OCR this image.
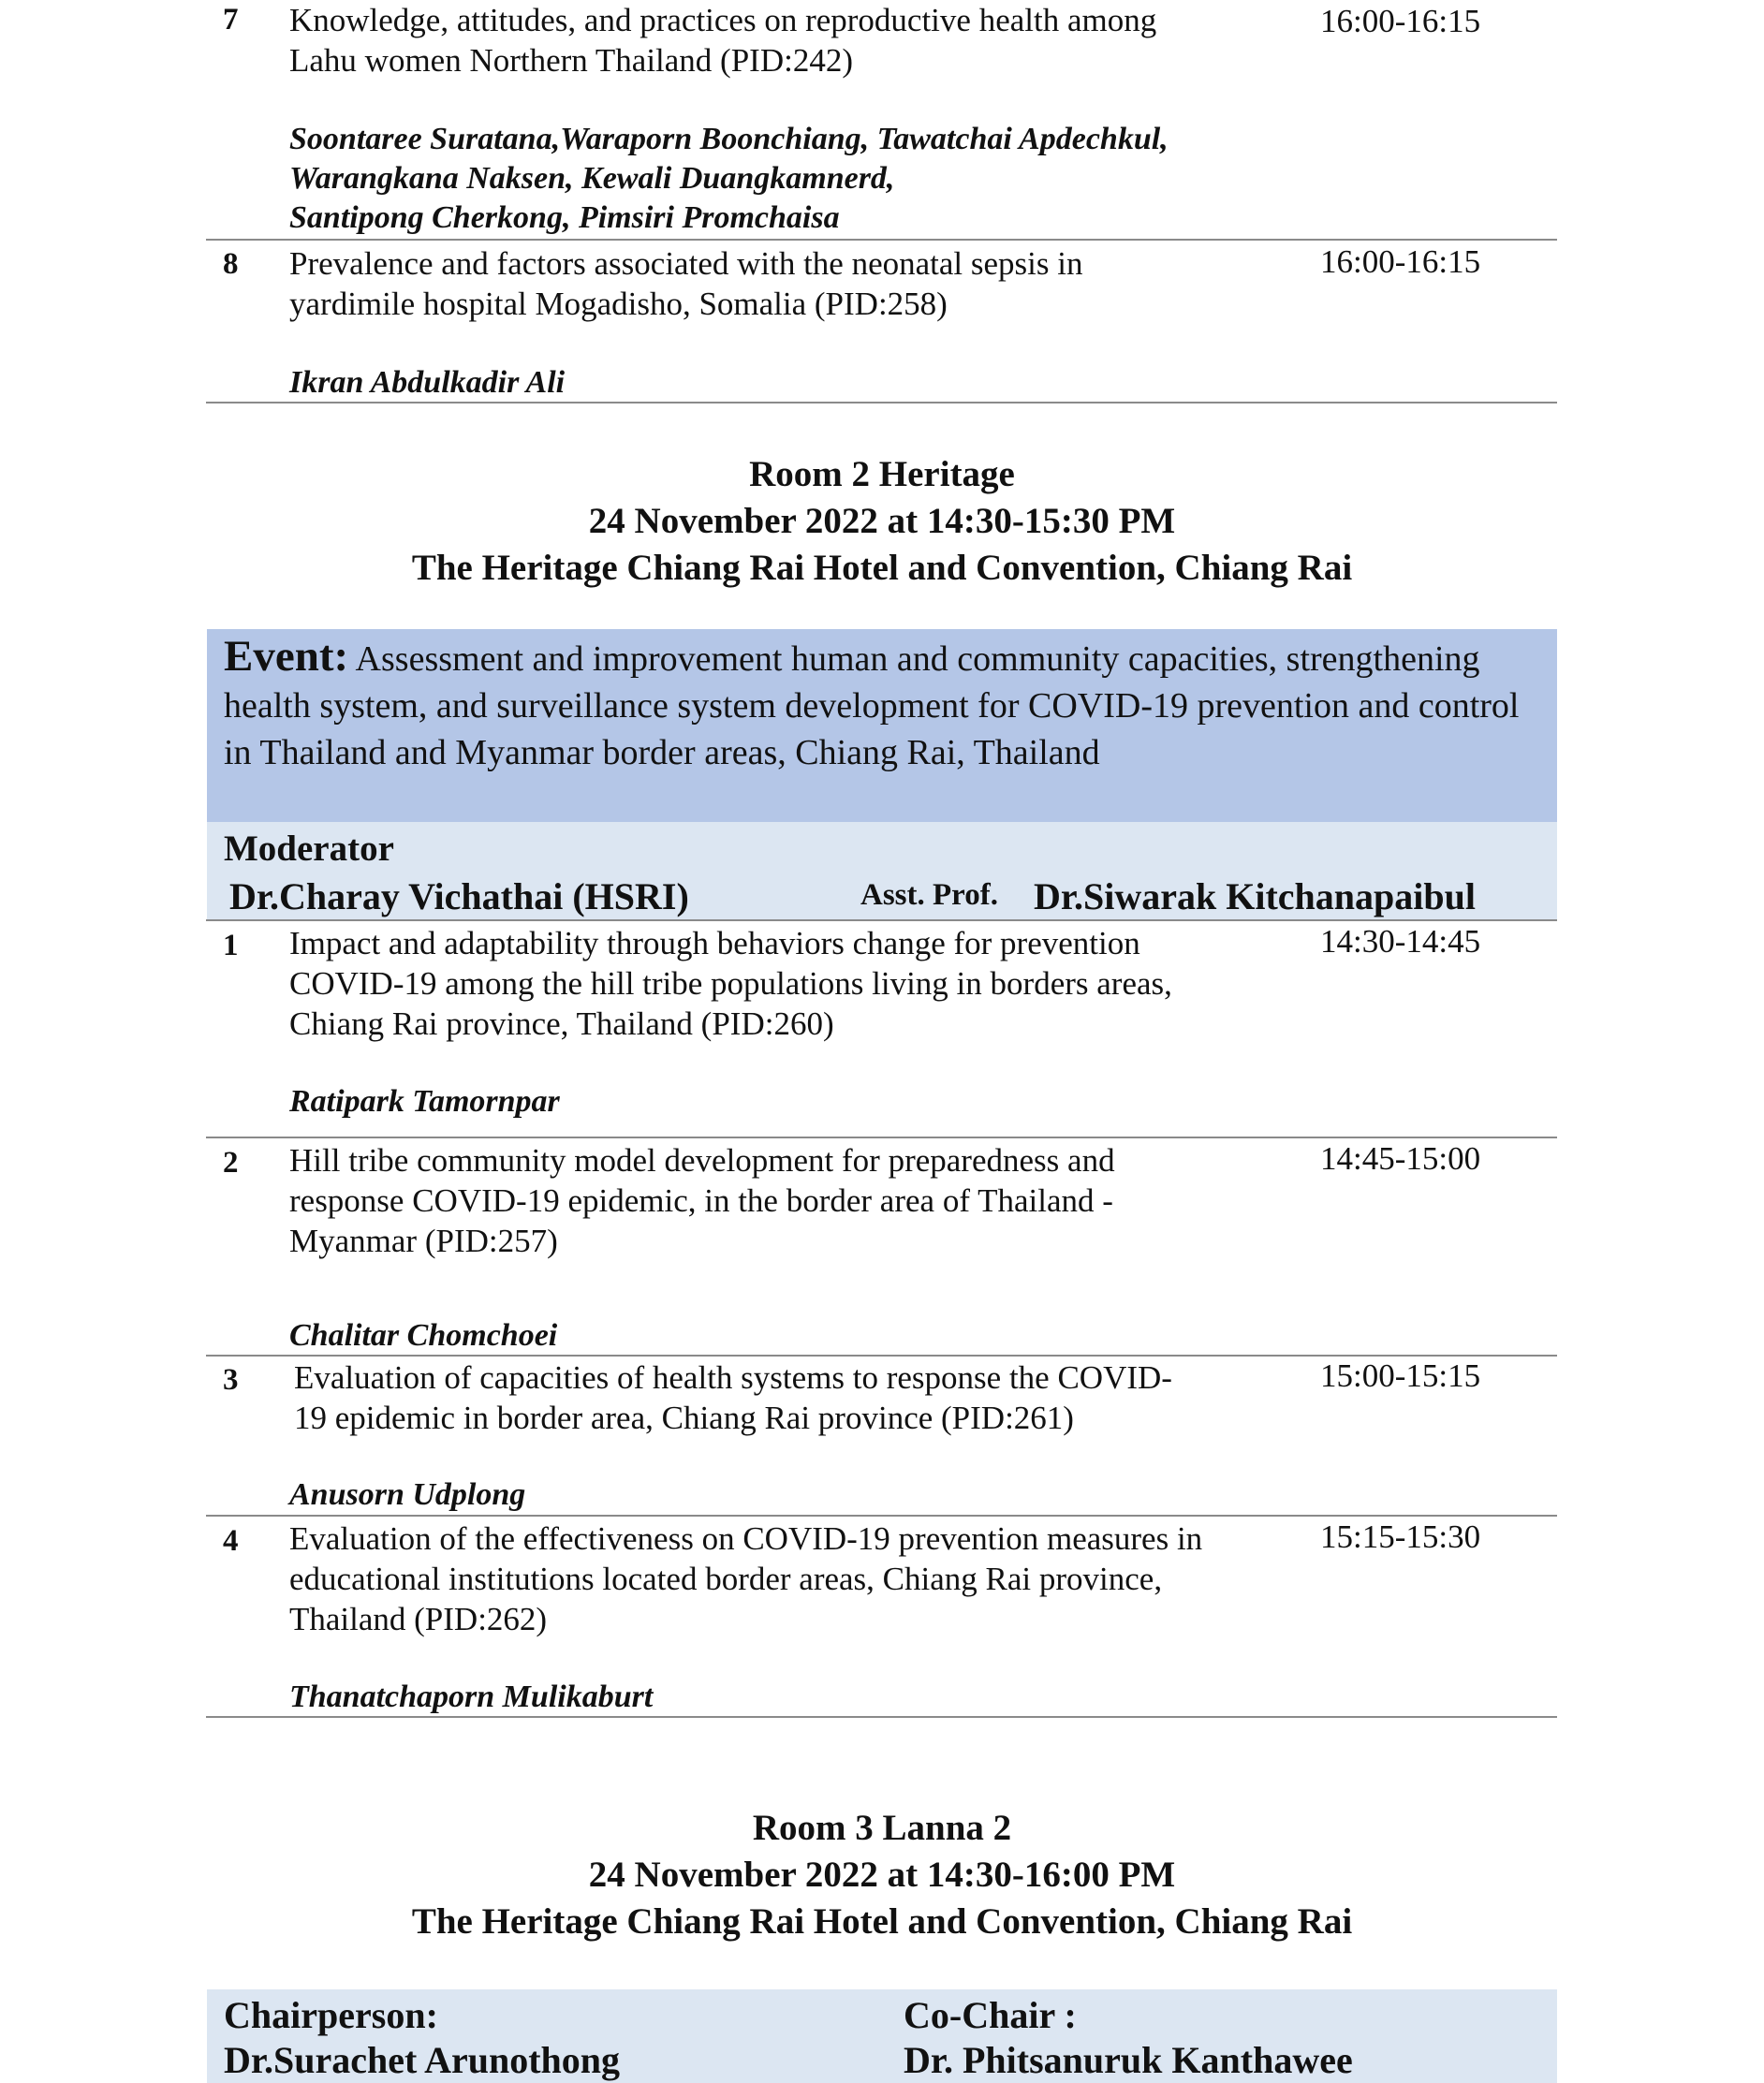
7 Knowledge, attitudes, and practices on reproductive health among
Lahu women Northern Thailand (PID:242)
Soontaree Suratana,Waraporn Boonchiang, Tawatchai Apdechkul,
Warangkana Naksen, Kewali Duangkamnerd,
Santipong Cherkong, Pimsiri Promchaisa
16:00-16:15
8 Prevalence and factors associated with the neonatal sepsis in
yardimile hospital Mogadisho, Somalia (PID:258)
Ikran Abdulkadir Ali
16:00-16:15
Room 2 Heritage
24 November 2022 at 14:30-15:30 PM
The Heritage Chiang Rai Hotel and Convention, Chiang Rai
Event: Assessment and improvement human and community capacities, strengthening health system, and surveillance system development for COVID-19 prevention and control in Thailand and Myanmar border areas, Chiang Rai, Thailand
Moderator
Dr.Charay Vichathai (HSRI)	Asst. Prof. Dr.Siwarak Kitchanapaibul
1 Impact and adaptability through behaviors change for prevention
COVID-19 among the hill tribe populations living in borders areas,
Chiang Rai province, Thailand (PID:260)
Ratipark Tamornpar
14:30-14:45
2 Hill tribe community model development for preparedness and
response COVID-19 epidemic, in the border area of Thailand -
Myanmar (PID:257)
Chalitar Chomchoei
14:45-15:00
3 Evaluation of capacities of health systems to response the COVID-
19 epidemic in border area, Chiang Rai province (PID:261)
Anusorn Udplong
15:00-15:15
4 Evaluation of the effectiveness on COVID-19 prevention measures in
educational institutions located border areas, Chiang Rai province,
Thailand (PID:262)
Thanatchaporn Mulikaburt
15:15-15:30
Room 3 Lanna 2
24 November 2022 at 14:30-16:00 PM
The Heritage Chiang Rai Hotel and Convention, Chiang Rai
Chairperson:
Dr.Surachet Arunothong
Co-Chair :
Dr. Phitsanuruk Kanthawee
